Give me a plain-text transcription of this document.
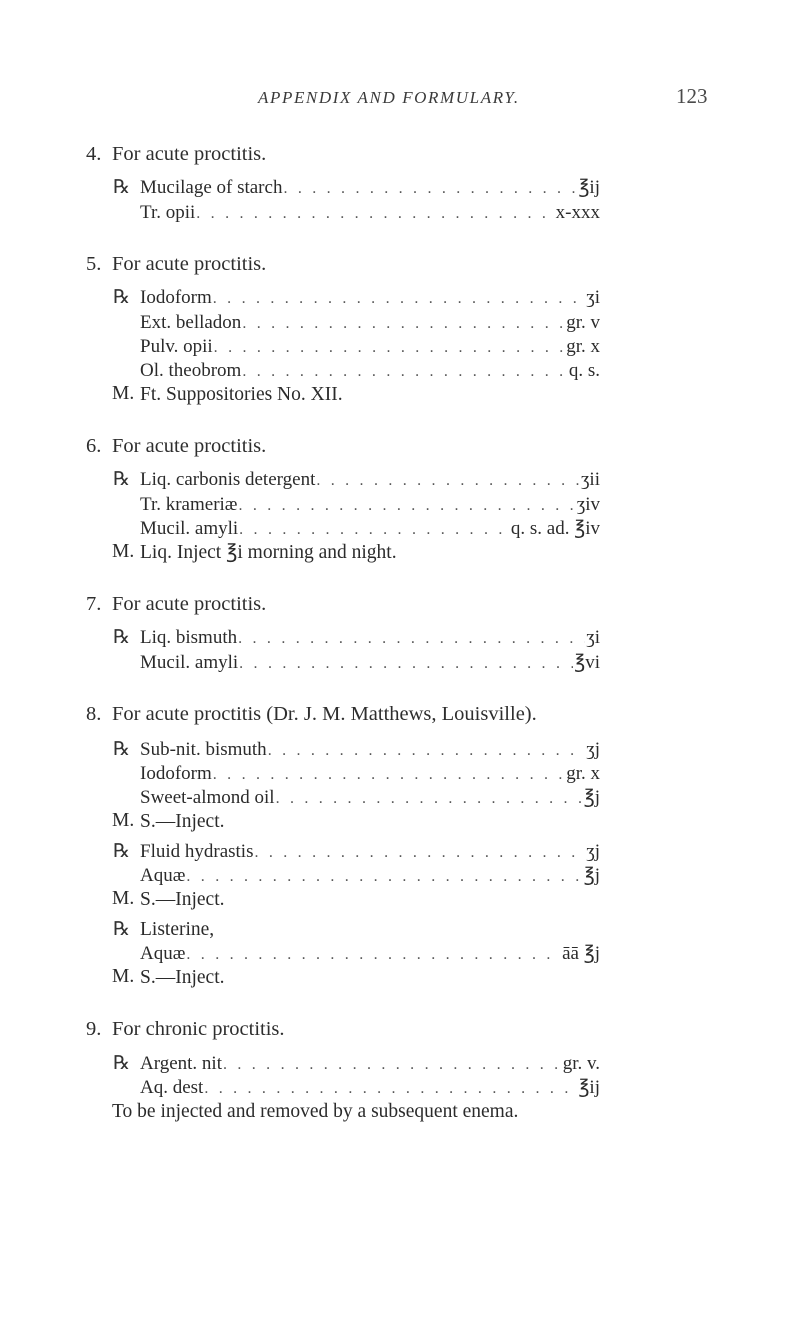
APPENDIX AND FORMULARY.	123
4. For acute proctitis.
℞ Mucilage of starch . . .	℥ij
Tr. opii . . .	x-xxx
5. For acute proctitis.
℞ Iodoform . . .	ʒi
Ext. belladon . . .	gr. v
Pulv. opii . . .	gr. x
Ol. theobrom . . .	q. s.
M. Ft. Suppositories No. XII.
6. For acute proctitis.
℞ Liq. carbonis detergent . . .	ʒii
Tr. krameriæ . . .	ʒiv
Mucil. amyli . . .	q. s. ad. ℥iv
M. Liq. Inject ℥i morning and night.
7. For acute proctitis.
℞ Liq. bismuth . . .	ʒi
Mucil. amyli . . .	℥vi
8. For acute proctitis (Dr. J. M. Matthews, Louisville).
℞ Sub-nit. bismuth . . .	ʒj
Iodoform . . .	gr. x
Sweet-almond oil . . .	℥j
M. S.—Inject.
℞ Fluid hydrastis . . .	ʒj
Aquæ . . .	℥j
M. S.—Inject.
℞ Listerine,
Aquæ . . .	āā ℥j
M. S.—Inject.
9. For chronic proctitis.
℞ Argent. nit . . .	gr. v.
Aq. dest . . .	℥ij
To be injected and removed by a subsequent enema.
